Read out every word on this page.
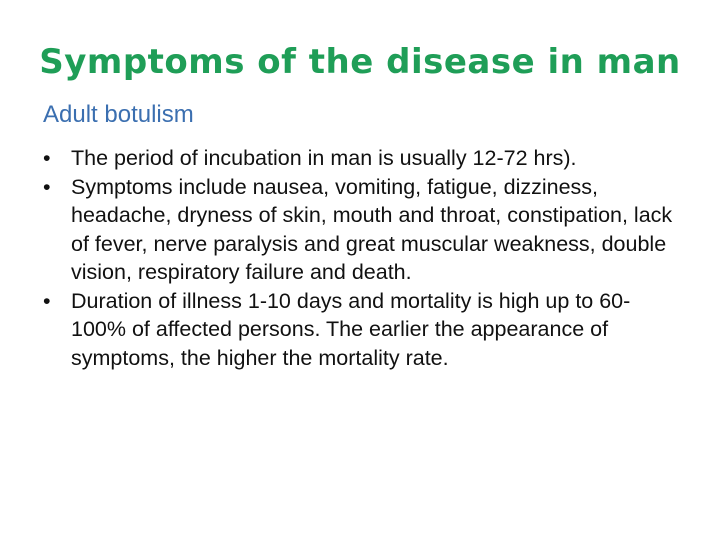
Symptoms of the disease in man
Adult botulism
• The period of incubation in man is usually 12-72 hrs).
• Symptoms include nausea, vomiting, fatigue, dizziness, headache, dryness of skin, mouth and throat, constipation, lack of fever, nerve paralysis and great muscular weakness, double vision, respiratory failure and death.
• Duration of illness 1-10 days and mortality is high up to 60-100% of affected persons. The earlier the appearance of symptoms, the higher the mortality rate.
